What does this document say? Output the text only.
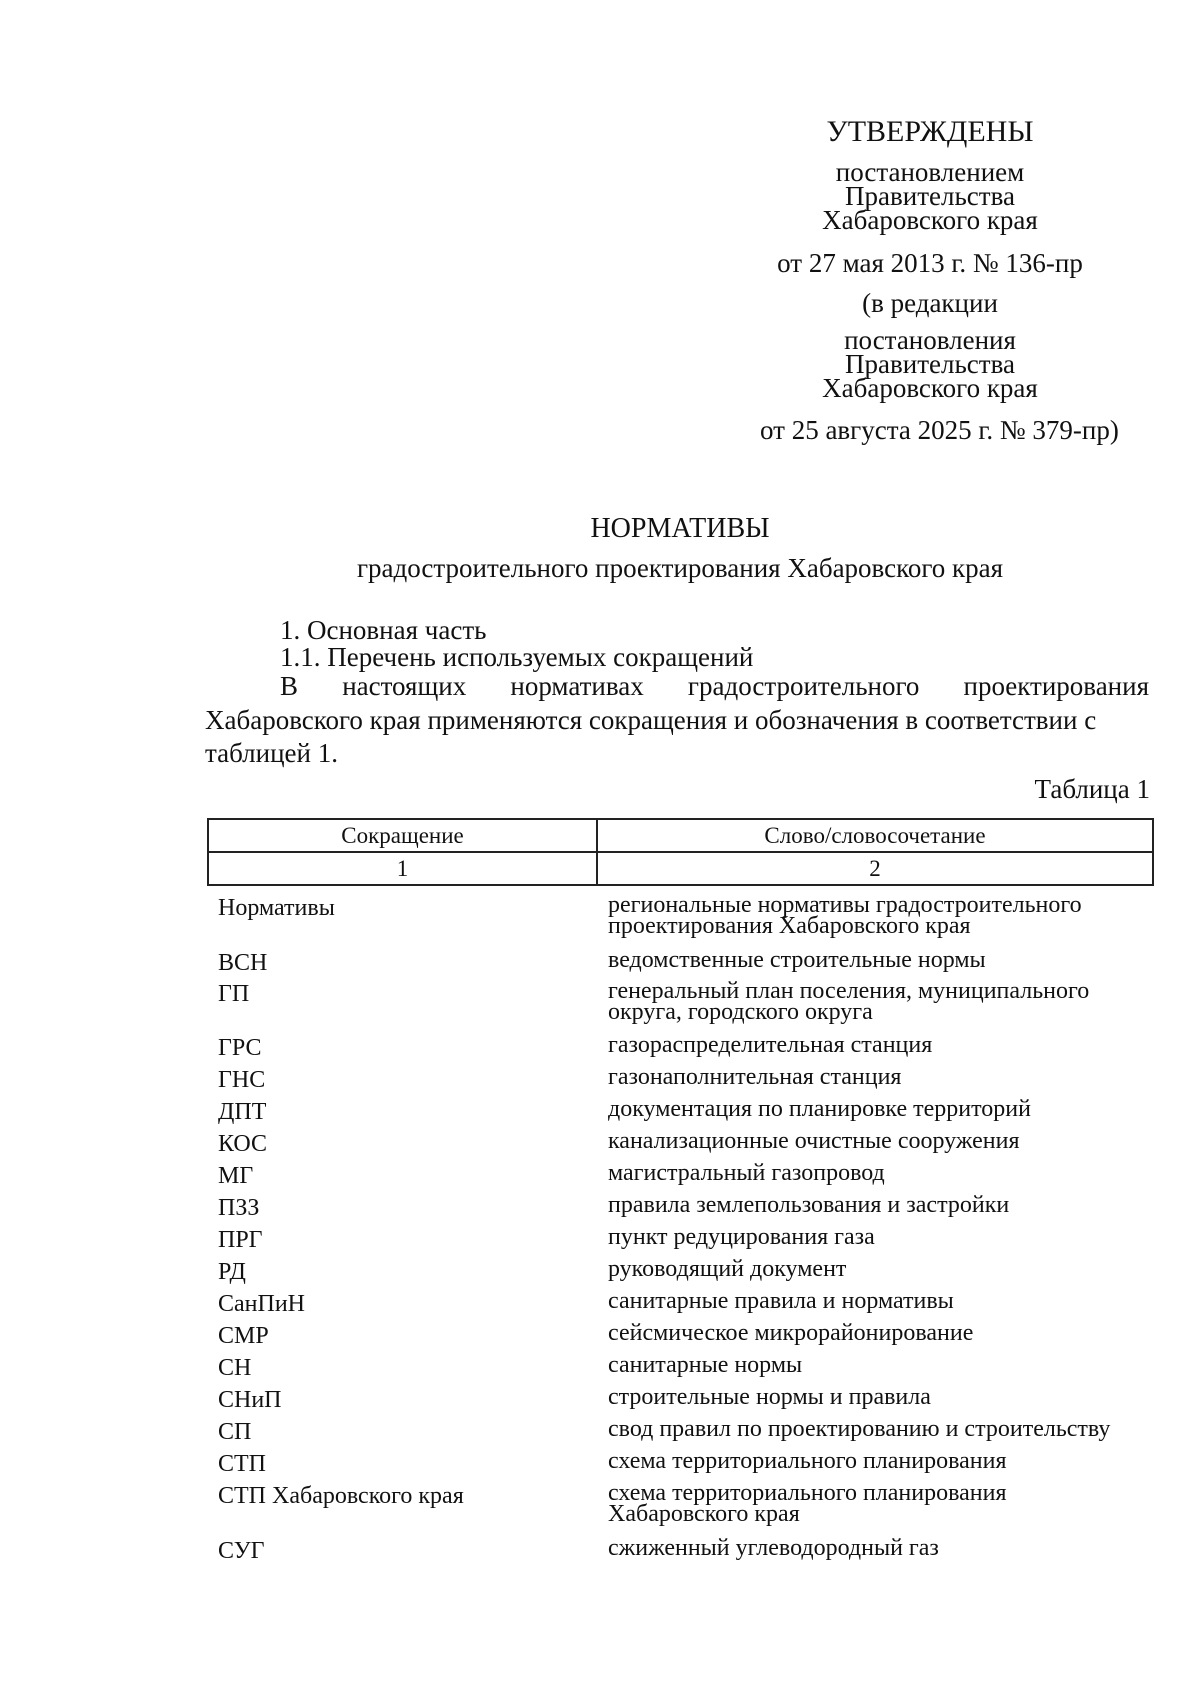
УТВЕРЖДЕНЫ
постановлением
Правительства
Хабаровского края
от 27 мая 2013 г. № 136-пр
(в редакции
постановления
Правительства
Хабаровского края
от 25 августа 2025 г. № 379-пр)
НОРМАТИВЫ
градостроительного проектирования Хабаровского края
1. Основная часть
1.1. Перечень используемых сокращений
В настоящих нормативах градостроительного проектирования
Хабаровского края применяются сокращения и обозначения в соответствии с
таблицей 1.
Таблица 1
Сокращение	Слово/словосочетание
1	2
Нормативы	региональные нормативы градостроительного проектирования Хабаровского края
ВСН	ведомственные строительные нормы
ГП	генеральный план поселения, муниципального округа, городского округа
ГРС	газораспределительная станция
ГНС	газонаполнительная станция
ДПТ	документация по планировке территорий
КОС	канализационные очистные сооружения
МГ	магистральный газопровод
ПЗЗ	правила землепользования и застройки
ПРГ	пункт редуцирования газа
РД	руководящий документ
СанПиН	санитарные правила и нормативы
СМР	сейсмическое микрорайонирование
СН	санитарные нормы
СНиП	строительные нормы и правила
СП	свод правил по проектированию и строительству
СТП	схема территориального планирования
СТП Хабаровского края	схема территориального планирования Хабаровского края
СУГ	сжиженный углеводородный газ
